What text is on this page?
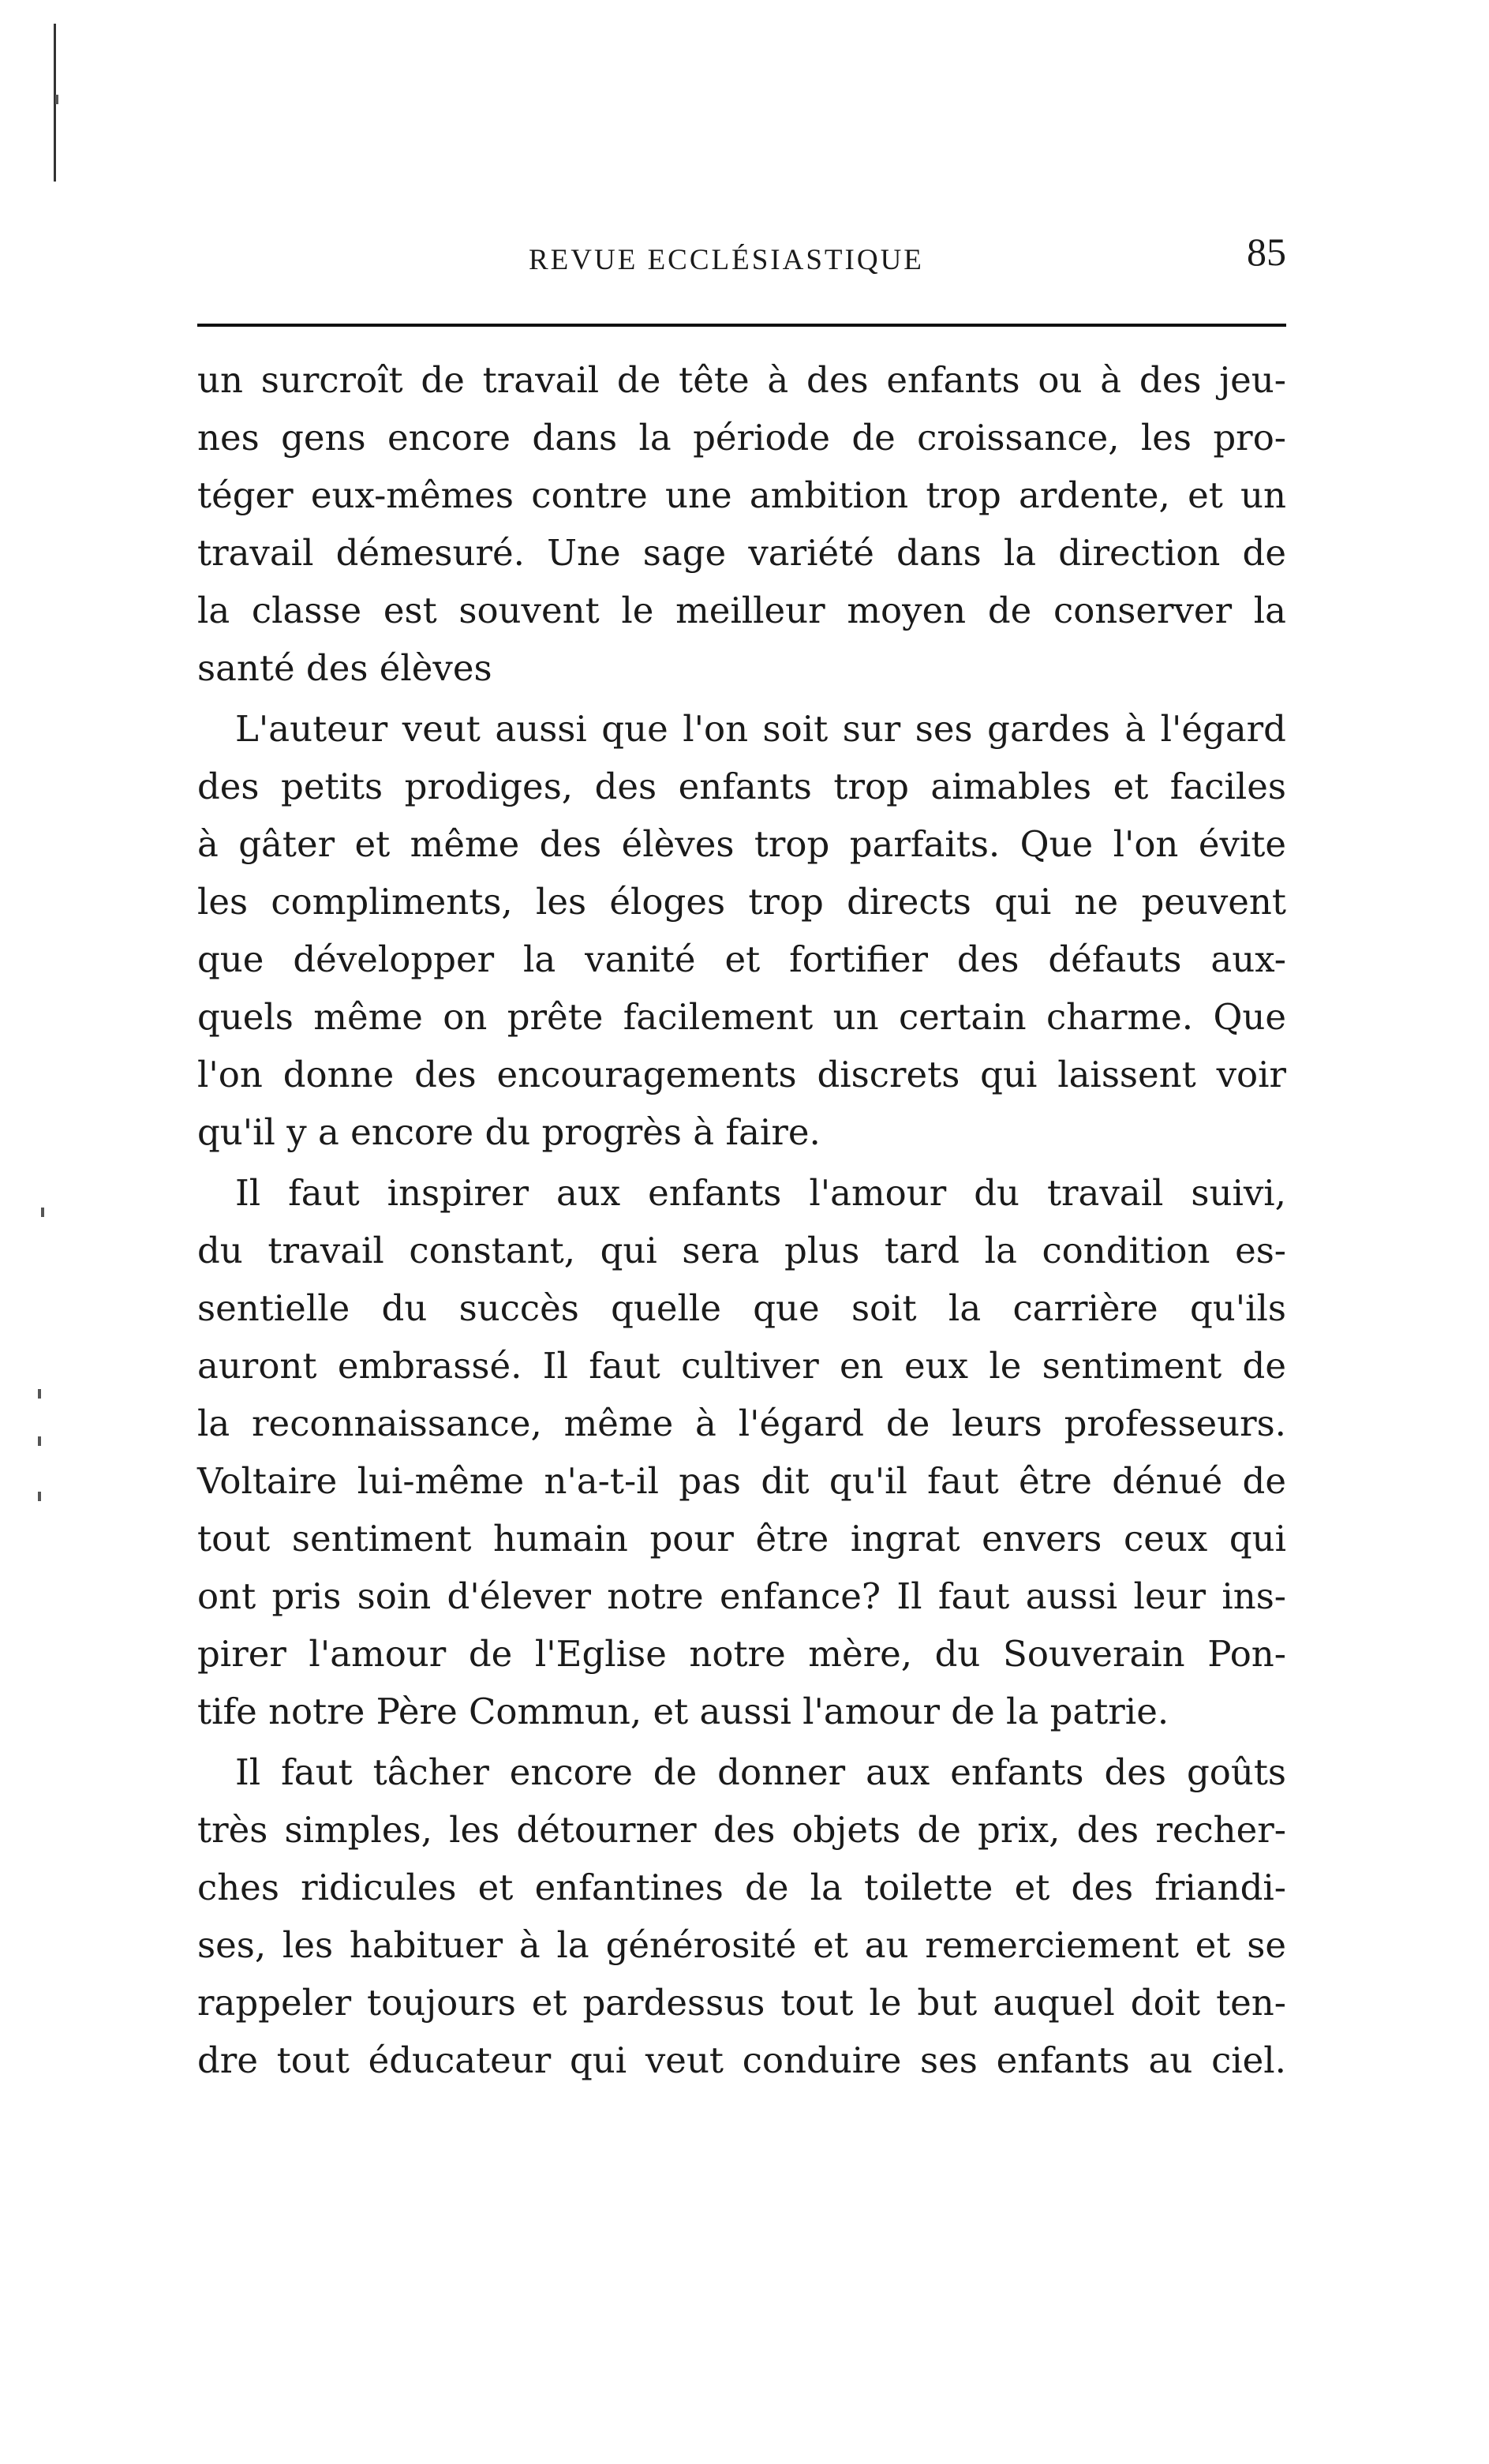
REVUE ECCLÉSIASTIQUE	85
un surcroît de travail de tête à des enfants ou à des jeu-
nes gens encore dans la période de croissance, les pro-
téger eux-mêmes contre une ambition trop ardente, et un
travail démesuré. Une sage variété dans la direction de
la classe est souvent le meilleur moyen de conserver la
santé des élèves
L'auteur veut aussi que l'on soit sur ses gardes à l'égard
des petits prodiges, des enfants trop aimables et faciles
à gâter et même des élèves trop parfaits. Que l'on évite
les compliments, les éloges trop directs qui ne peuvent
que développer la vanité et fortifier des défauts aux-
quels même on prête facilement un certain charme. Que
l'on donne des encouragements discrets qui laissent voir
qu'il y a encore du progrès à faire.
Il faut inspirer aux enfants l'amour du travail suivi,
du travail constant, qui sera plus tard la condition es-
sentielle du succès quelle que soit la carrière qu'ils
auront embrassé. Il faut cultiver en eux le sentiment de
la reconnaissance, même à l'égard de leurs professeurs.
Voltaire lui-même n'a-t-il pas dit qu'il faut être dénué de
tout sentiment humain pour être ingrat envers ceux qui
ont pris soin d'élever notre enfance? Il faut aussi leur ins-
pirer l'amour de l'Eglise notre mère, du Souverain Pon-
tife notre Père Commun, et aussi l'amour de la patrie.
Il faut tâcher encore de donner aux enfants des goûts
très simples, les détourner des objets de prix, des recher-
ches ridicules et enfantines de la toilette et des friandi-
ses, les habituer à la générosité et au remerciement et se
rappeler toujours et pardessus tout le but auquel doit ten-
dre tout éducateur qui veut conduire ses enfants au ciel.
